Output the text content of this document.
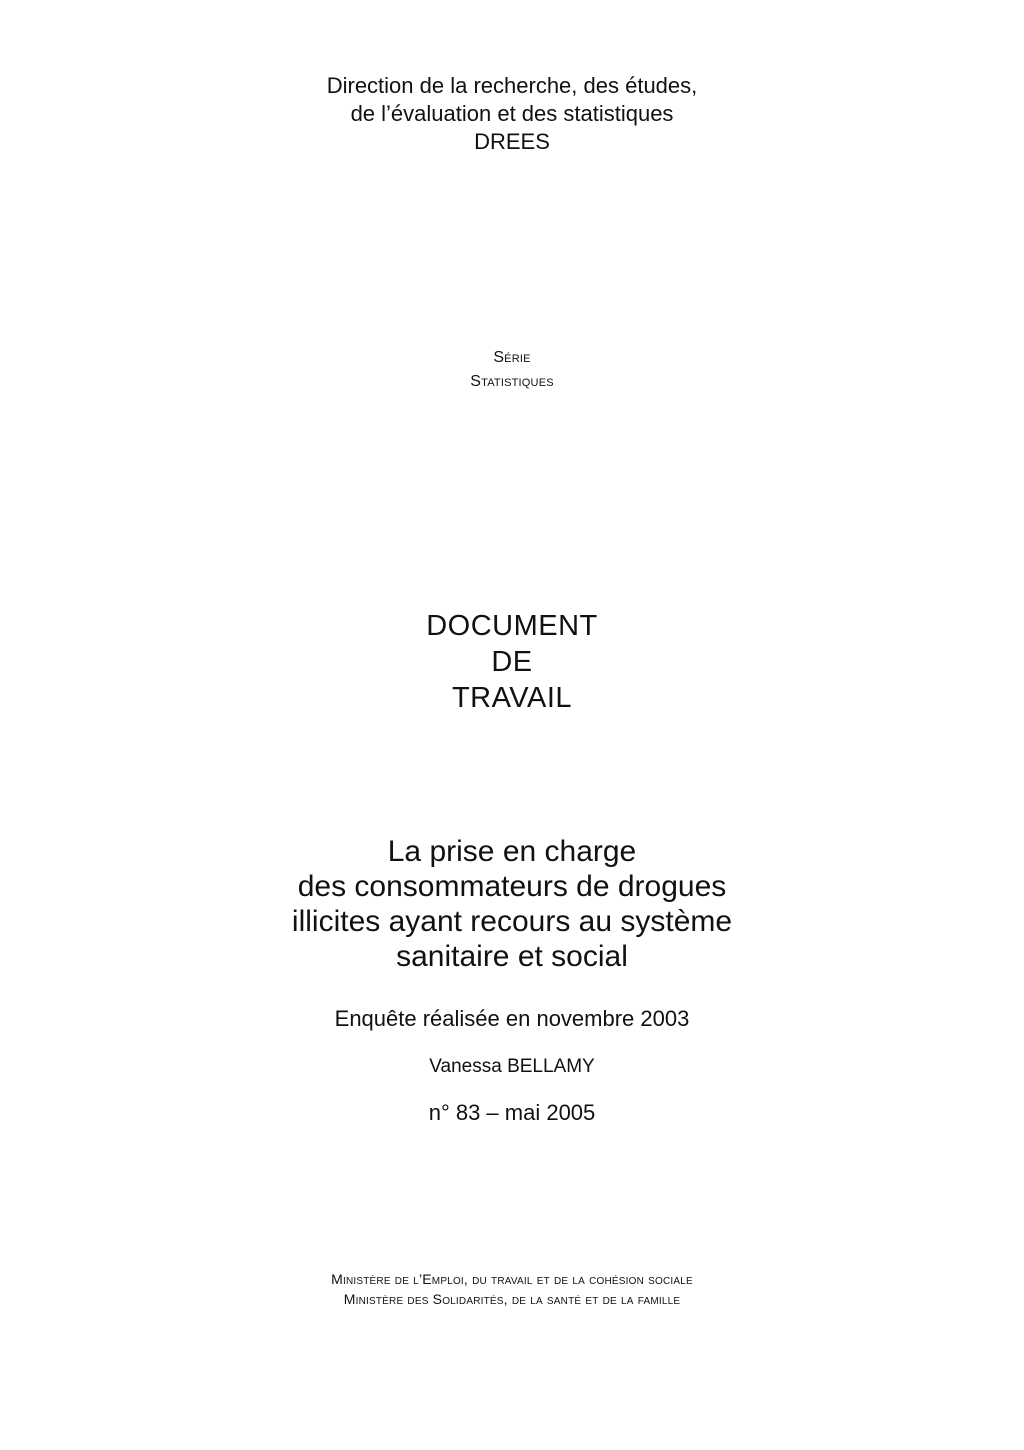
Direction de la recherche, des études,
de l’évaluation et des statistiques
DREES
Série
Statistiques
DOCUMENT
DE
TRAVAIL
La prise en charge
des consommateurs de drogues
illicites ayant recours au système
sanitaire et social
Enquête réalisée en novembre 2003
Vanessa BELLAMY
n° 83 – mai 2005
Ministère de l’Emploi, du travail et de la cohésion sociale
Ministère des Solidarités, de la santé et de la famille
